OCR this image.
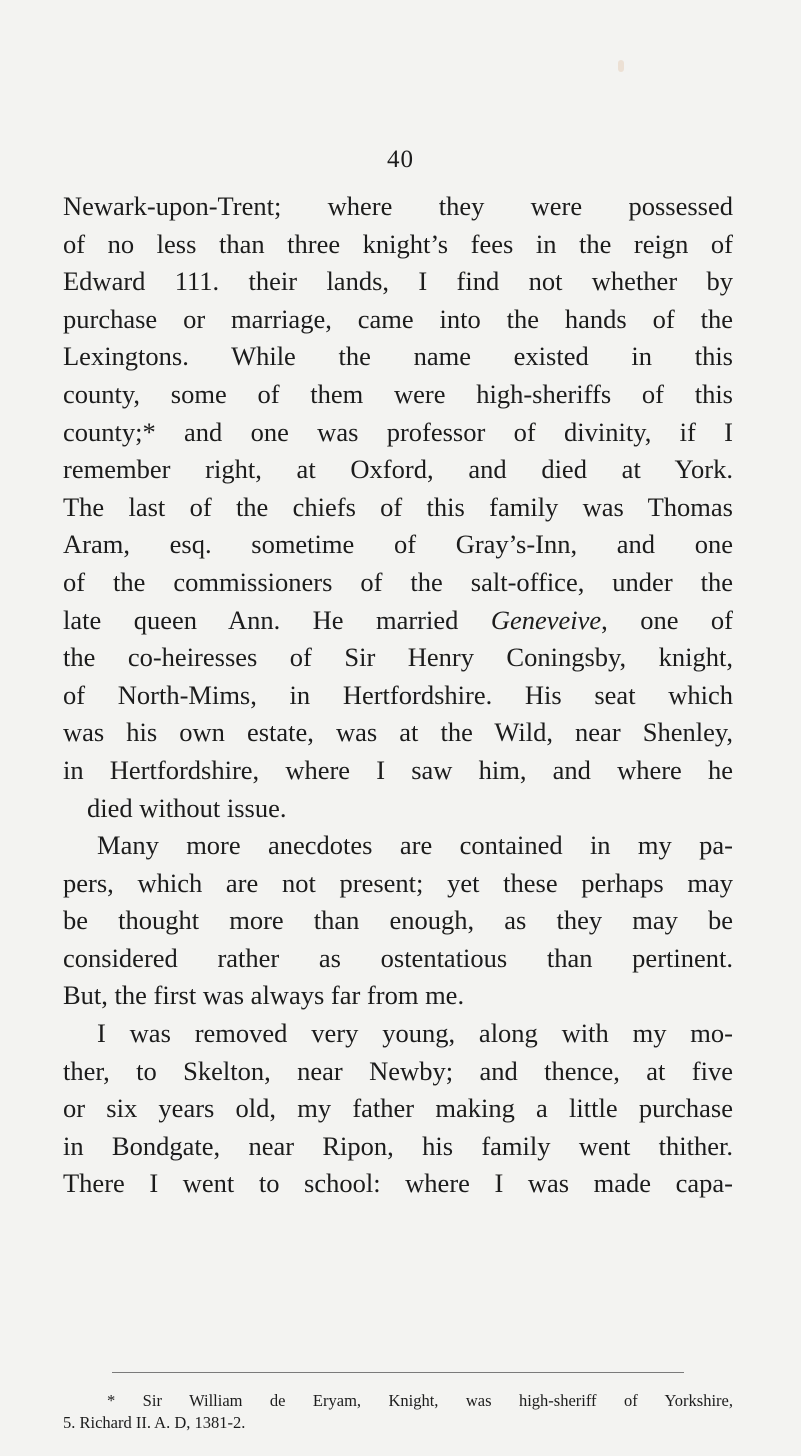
40
Newark-upon-Trent; where they were possessed
of no less than three knight’s fees in the reign of
Edward 111. their lands, I find not whether by
purchase or marriage, came into the hands of the
Lexingtons. While the name existed in this
county, some of them were high-sheriffs of this
county;* and one was professor of divinity, if I
remember right, at Oxford, and died at York.
The last of the chiefs of this family was Thomas
Aram, esq. sometime of Gray’s-Inn, and one
of the commissioners of the salt-office, under the
late queen Ann. He married Geneveive, one of
the co-heiresses of Sir Henry Coningsby, knight,
of North-Mims, in Hertfordshire. His seat which
was his own estate, was at the Wild, near Shenley,
in Hertfordshire, where I saw him, and where he
died without issue.
Many more anecdotes are contained in my pa-
pers, which are not present; yet these perhaps may
be thought more than enough, as they may be
considered rather as ostentatious than pertinent.
But, the first was always far from me.
I was removed very young, along with my mo-
ther, to Skelton, near Newby; and thence, at five
or six years old, my father making a little purchase
in Bondgate, near Ripon, his family went thither.
There I went to school: where I was made capa-
* Sir William de Eryam, Knight, was high-sheriff of Yorkshire,
5. Richard II. A. D, 1381-2.
